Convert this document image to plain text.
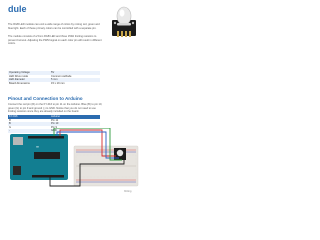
dule
The RGB LED module can emit a wide range of colors by mixing red, green and blue light. Each of these primary colors can be controlled with a separate pin.
The module consists of a 5mm RGB LED and three 150Ω limiting resistors to prevent burnout. Adjusting the PWM signal on each color pin will result in different colors.
Operating Voltage	5V
LED Drive mode	Common cathode
LED diameter	5 mm
Board dimensions	15 x 19 mm
Pinout and Connection to Arduino
Connect the red pin (R) on the KY-016 to pin 11 on the Arduino. Blue (B) to pin 10, green (G) to pin 9 and ground (-) to GND. Notice that you do not need to use limiting resistors since they are already included on the board.
KY-016	Arduino
R	Pin 11
B	Pin 10
G	Pin 9
-	GND
∞
fritzing
